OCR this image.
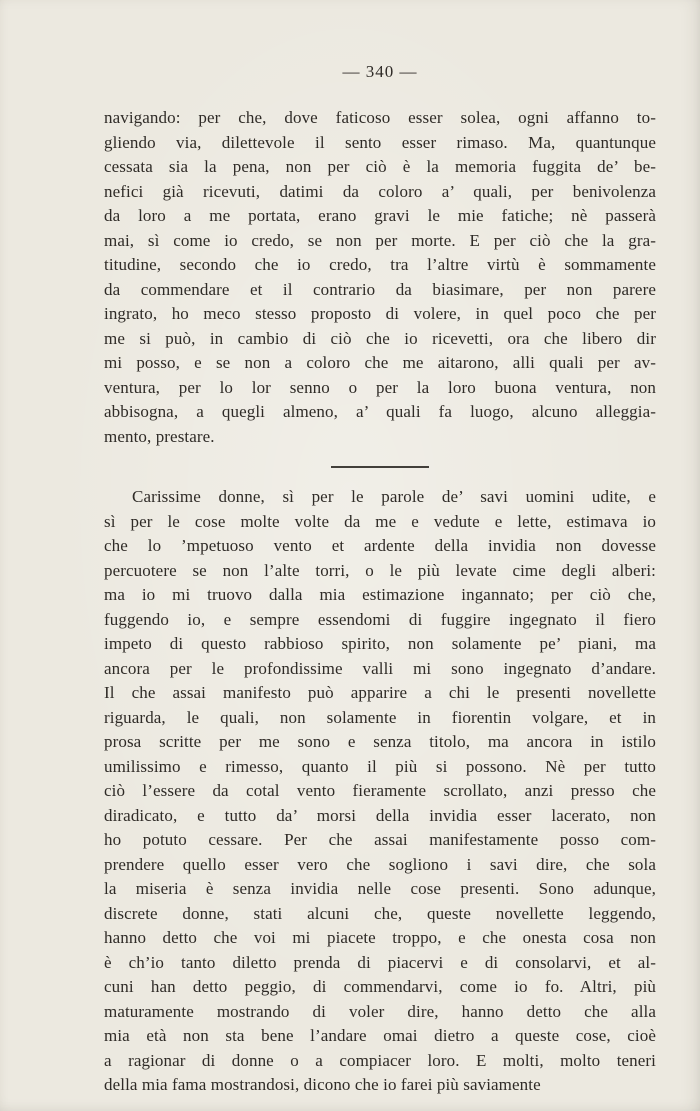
— 340 —
navigando: per che, dove faticoso esser solea, ogni affanno to-
gliendo via, dilettevole il sento esser rimaso. Ma, quantunque
cessata sia la pena, non per ciò è la memoria fuggita de’ be-
nefici già ricevuti, datimi da coloro a’ quali, per benivolenza
da loro a me portata, erano gravi le mie fatiche; nè passerà
mai, sì come io credo, se non per morte. E per ciò che la gra-
titudine, secondo che io credo, tra l’altre virtù è sommamente
da commendare et il contrario da biasimare, per non parere
ingrato, ho meco stesso proposto di volere, in quel poco che per
me si può, in cambio di ciò che io ricevetti, ora che libero dir
mi posso, e se non a coloro che me aitarono, alli quali per av-
ventura, per lo lor senno o per la loro buona ventura, non
abbisogna, a quegli almeno, a’ quali fa luogo, alcuno alleggia-
mento, prestare.
Carissime donne, sì per le parole de’ savi uomini udite, e
sì per le cose molte volte da me e vedute e lette, estimava io
che lo ’mpetuoso vento et ardente della invidia non dovesse
percuotere se non l’alte torri, o le più levate cime degli alberi:
ma io mi truovo dalla mia estimazione ingannato; per ciò che,
fuggendo io, e sempre essendomi di fuggire ingegnato il fiero
impeto di questo rabbioso spirito, non solamente pe’ piani, ma
ancora per le profondissime valli mi sono ingegnato d’andare.
Il che assai manifesto può apparire a chi le presenti novellette
riguarda, le quali, non solamente in fiorentin volgare, et in
prosa scritte per me sono e senza titolo, ma ancora in istilo
umilissimo e rimesso, quanto il più si possono. Nè per tutto
ciò l’essere da cotal vento fieramente scrollato, anzi presso che
diradicato, e tutto da’ morsi della invidia esser lacerato, non
ho potuto cessare. Per che assai manifestamente posso com-
prendere quello esser vero che sogliono i savi dire, che sola
la miseria è senza invidia nelle cose presenti. Sono adunque,
discrete donne, stati alcuni che, queste novellette leggendo,
hanno detto che voi mi piacete troppo, e che onesta cosa non
è ch’io tanto diletto prenda di piacervi e di consolarvi, et al-
cuni han detto peggio, di commendarvi, come io fo. Altri, più
maturamente mostrando di voler dire, hanno detto che alla
mia età non sta bene l’andare omai dietro a queste cose, cioè
a ragionar di donne o a compiacer loro. E molti, molto teneri
della mia fama mostrandosi, dicono che io farei più saviamente
